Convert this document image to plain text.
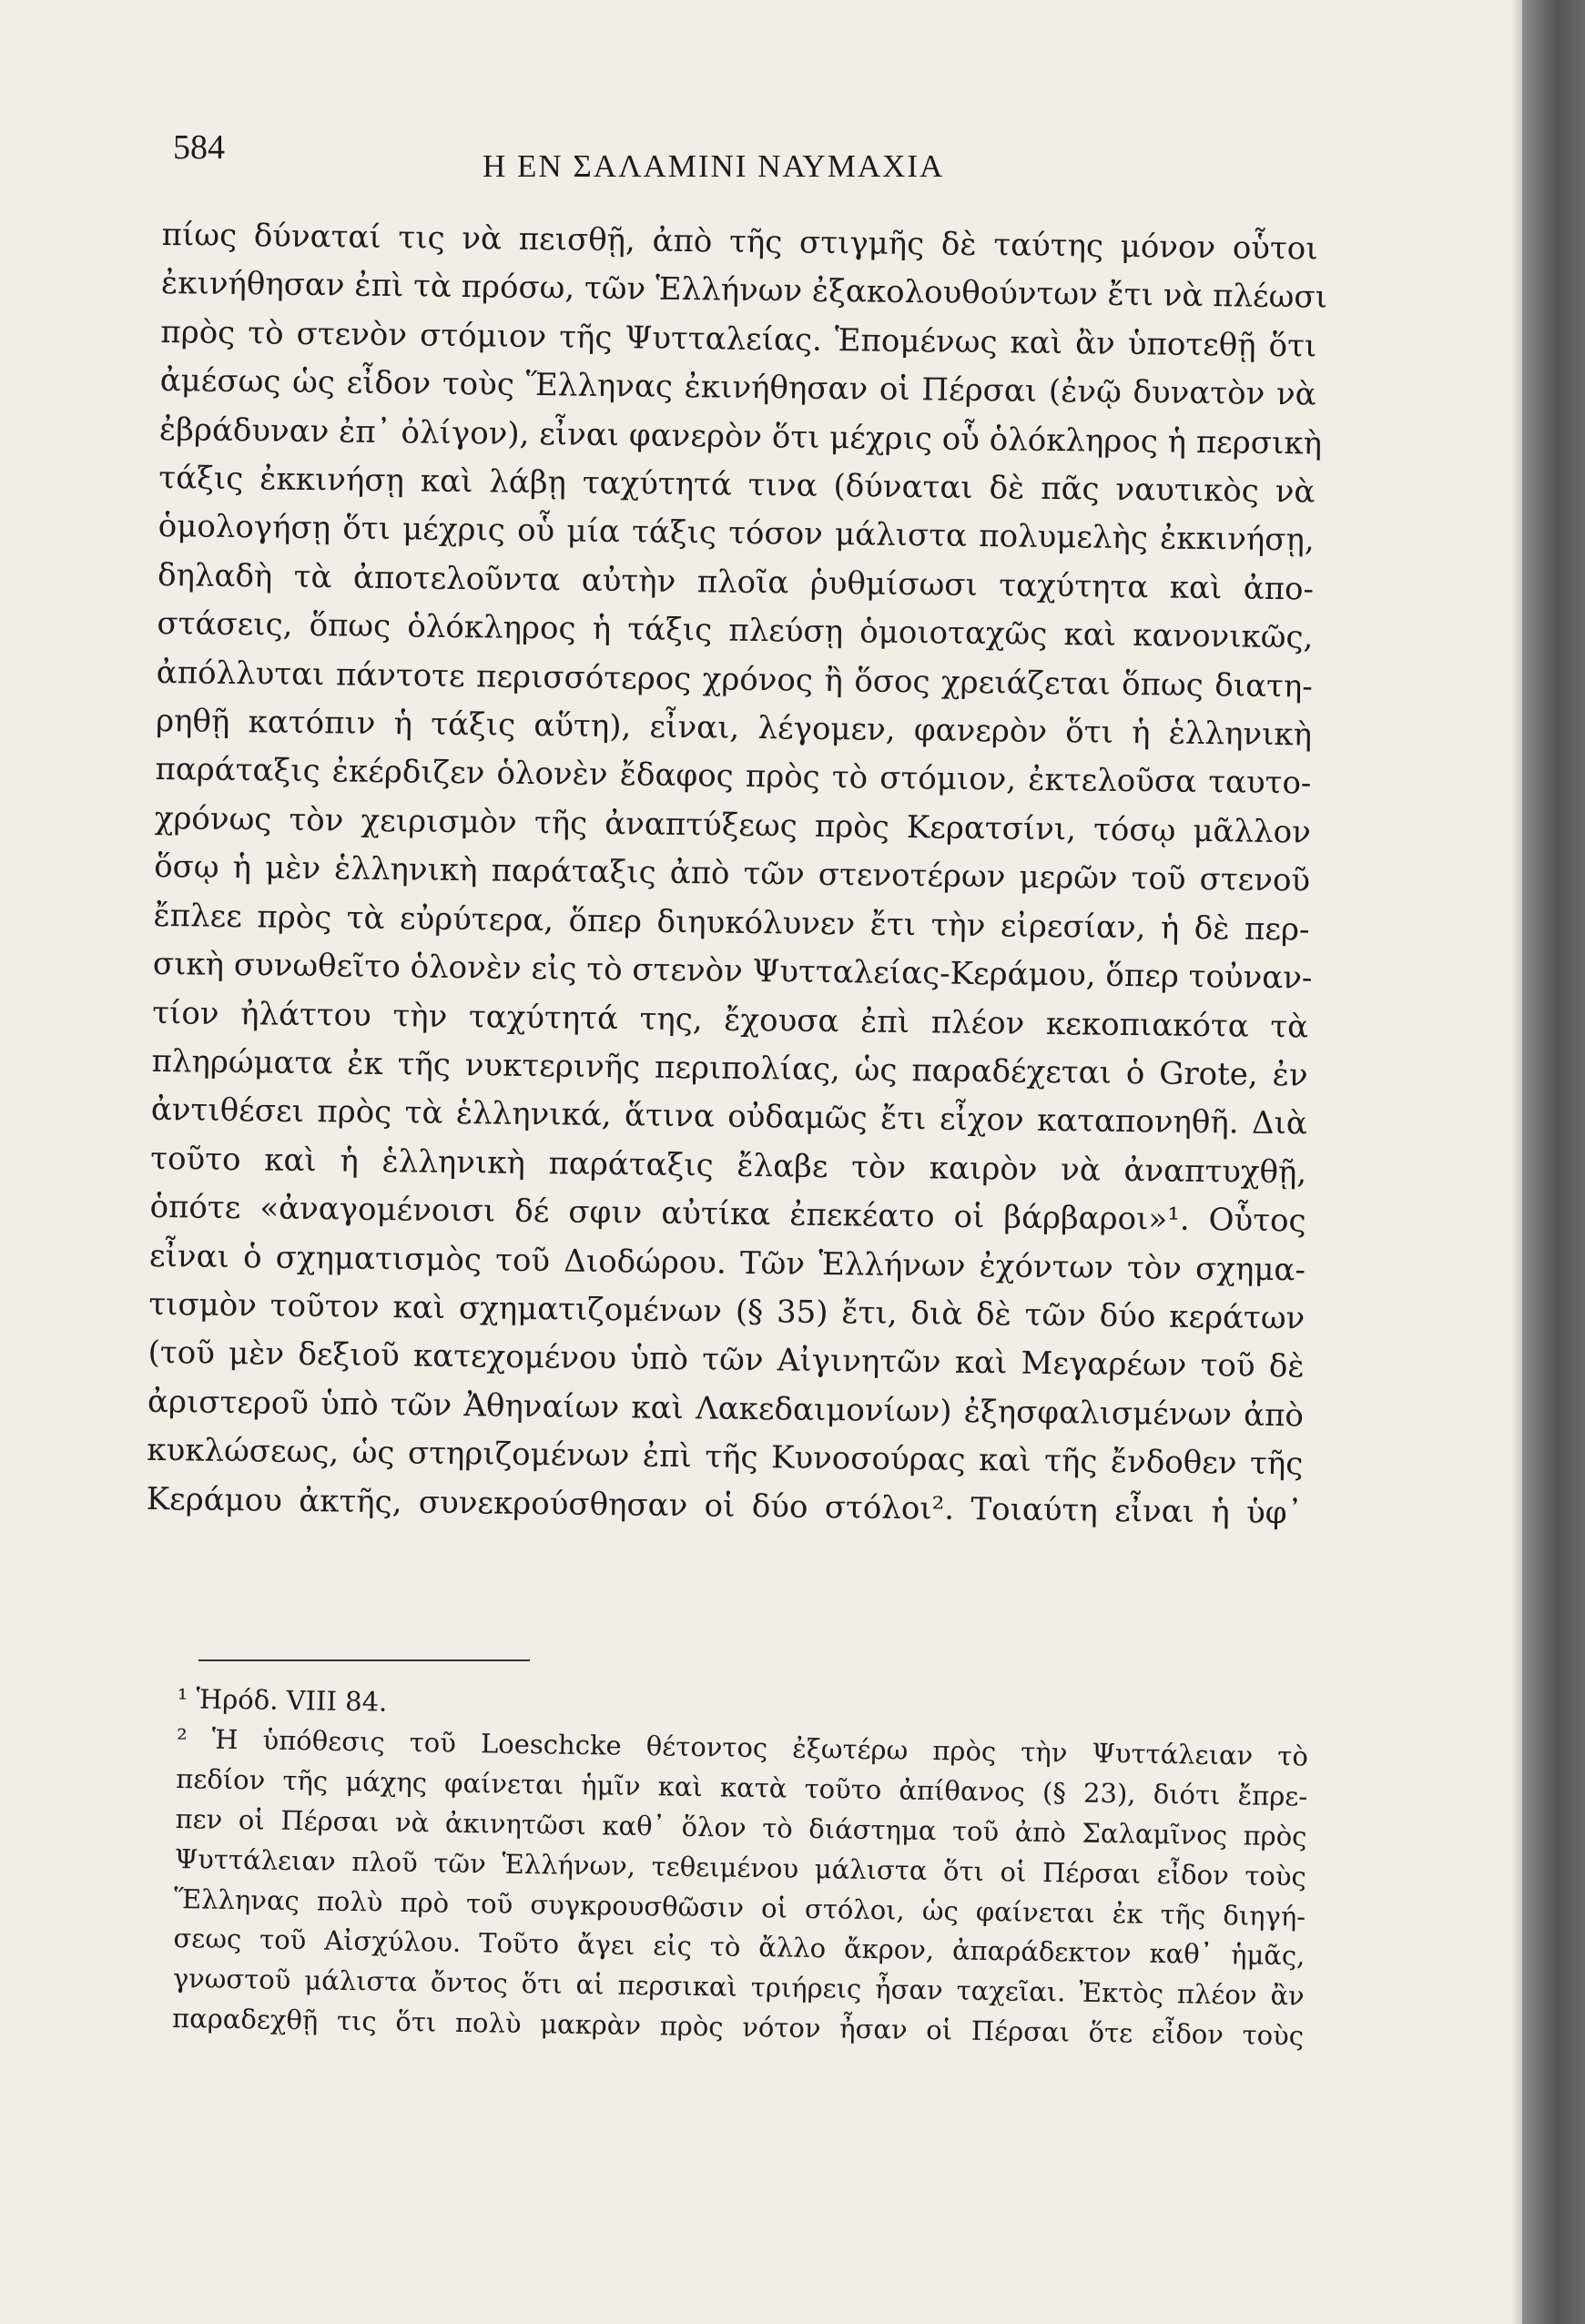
584	Η ΕΝ ΣΑΛΑΜΙΝΙ ΝΑΥΜΑΧΙΑ
πίως δύναταί τις νὰ πεισθῇ, ἀπὸ τῆς στιγμῆς δὲ ταύτης μόνον οὗτοι
ἐκινήθησαν ἐπὶ τὰ πρόσω, τῶν Ἑλλήνων ἐξακολουθούντων ἔτι νὰ πλέωσι
πρὸς τὸ στενὸν στόμιον τῆς Ψυτταλείας. Ἑπομένως καὶ ἂν ὑποτεθῇ ὅτι
ἀμέσως ὡς εἶδον τοὺς Ἕλληνας ἐκινήθησαν οἱ Πέρσαι (ἐνῷ δυνατὸν νὰ
ἐβράδυναν ἐπ᾽ ὀλίγον), εἶναι φανερὸν ὅτι μέχρις οὗ ὁλόκληρος ἡ περσικὴ
τάξις ἐκκινήσῃ καὶ λάβῃ ταχύτητά τινα (δύναται δὲ πᾶς ναυτικὸς νὰ
ὁμολογήσῃ ὅτι μέχρις οὗ μία τάξις τόσον μάλιστα πολυμελὴς ἐκκινήσῃ,
δηλαδὴ τὰ ἀποτελοῦντα αὐτὴν πλοῖα ῥυθμίσωσι ταχύτητα καὶ ἀπο-
στάσεις, ὅπως ὁλόκληρος ἡ τάξις πλεύσῃ ὁμοιοταχῶς καὶ κανονικῶς,
ἀπόλλυται πάντοτε περισσότερος χρόνος ἢ ὅσος χρειάζεται ὅπως διατη-
ρηθῇ κατόπιν ἡ τάξις αὕτη), εἶναι, λέγομεν, φανερὸν ὅτι ἡ ἑλληνικὴ
παράταξις ἐκέρδιζεν ὁλονὲν ἔδαφος πρὸς τὸ στόμιον, ἐκτελοῦσα ταυτο-
χρόνως τὸν χειρισμὸν τῆς ἀναπτύξεως πρὸς Κερατσίνι, τόσῳ μᾶλλον
ὅσῳ ἡ μὲν ἑλληνικὴ παράταξις ἀπὸ τῶν στενοτέρων μερῶν τοῦ στενοῦ
ἔπλεε πρὸς τὰ εὐρύτερα, ὅπερ διηυκόλυνεν ἔτι τὴν εἰρεσίαν, ἡ δὲ περ-
σικὴ συνωθεῖτο ὁλονὲν εἰς τὸ στενὸν Ψυτταλείας-Κεράμου, ὅπερ τοὐναν-
τίον ἠλάττου τὴν ταχύτητά της, ἔχουσα ἐπὶ πλέον κεκοπιακότα τὰ
πληρώματα ἐκ τῆς νυκτερινῆς περιπολίας, ὡς παραδέχεται ὁ Grote, ἐν
ἀντιθέσει πρὸς τὰ ἑλληνικά, ἅτινα οὐδαμῶς ἔτι εἶχον καταπονηθῆ. Διὰ
τοῦτο καὶ ἡ ἑλληνικὴ παράταξις ἔλαβε τὸν καιρὸν νὰ ἀναπτυχθῇ,
ὁπότε «ἀναγομένοισι δέ σφιν αὐτίκα ἐπεκέατο οἱ βάρβαροι»¹. Οὗτος
εἶναι ὁ σχηματισμὸς τοῦ Διοδώρου. Τῶν Ἑλλήνων ἐχόντων τὸν σχημα-
τισμὸν τοῦτον καὶ σχηματιζομένων (§ 35) ἔτι, διὰ δὲ τῶν δύο κεράτων
(τοῦ μὲν δεξιοῦ κατεχομένου ὑπὸ τῶν Αἰγινητῶν καὶ Μεγαρέων τοῦ δὲ
ἀριστεροῦ ὑπὸ τῶν Ἀθηναίων καὶ Λακεδαιμονίων) ἐξησφαλισμένων ἀπὸ
κυκλώσεως, ὡς στηριζομένων ἐπὶ τῆς Κυνοσούρας καὶ τῆς ἔνδοθεν τῆς
Κεράμου ἀκτῆς, συνεκρούσθησαν οἱ δύο στόλοι². Τοιαύτη εἶναι ἡ ὑφ᾽
¹ Ἡρόδ. VIII 84.
² Ἡ ὑπόθεσις τοῦ Loeschcke θέτοντος ἐξωτέρω πρὸς τὴν Ψυττάλειαν τὸ
πεδίον τῆς μάχης φαίνεται ἡμῖν καὶ κατὰ τοῦτο ἀπίθανος (§ 23), διότι ἔπρε-
πεν οἱ Πέρσαι νὰ ἀκινητῶσι καθ᾽ ὅλον τὸ διάστημα τοῦ ἀπὸ Σαλαμῖνος πρὸς
Ψυττάλειαν πλοῦ τῶν Ἑλλήνων, τεθειμένου μάλιστα ὅτι οἱ Πέρσαι εἶδον τοὺς
Ἕλληνας πολὺ πρὸ τοῦ συγκρουσθῶσιν οἱ στόλοι, ὡς φαίνεται ἐκ τῆς διηγή-
σεως τοῦ Αἰσχύλου. Τοῦτο ἄγει εἰς τὸ ἄλλο ἄκρον, ἀπαράδεκτον καθ᾽ ἡμᾶς,
γνωστοῦ μάλιστα ὄντος ὅτι αἱ περσικαὶ τριήρεις ἦσαν ταχεῖαι. Ἐκτὸς πλέον ἂν
παραδεχθῇ τις ὅτι πολὺ μακρὰν πρὸς νότον ἦσαν οἱ Πέρσαι ὅτε εἶδον τοὺς
